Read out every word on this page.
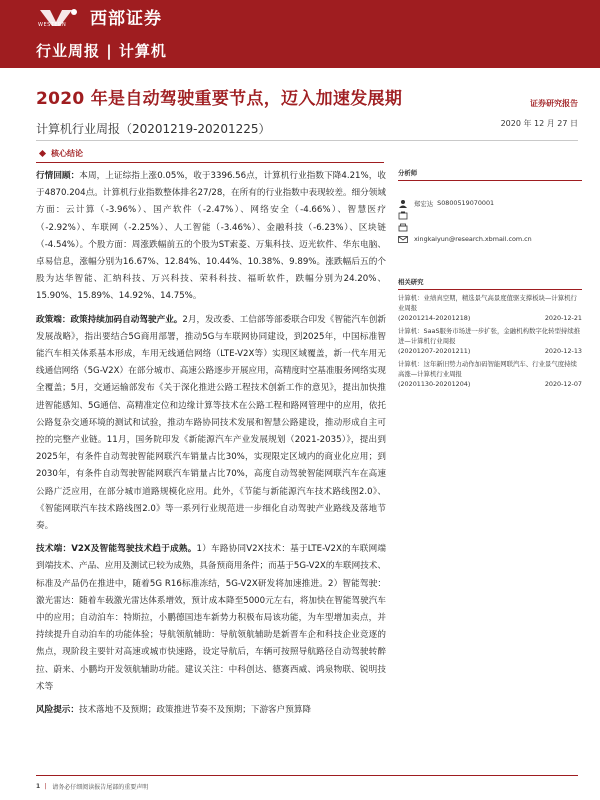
WESTERN 西部证券
行业周报 | 计算机
2020 年是自动驾驶重要节点，迈入加速发展期	证券研究报告
2020 年 12 月 27 日
计算机行业周报（20201219-20201225）
核心结论

行情回顾：本周，上证综指上涨0.05%，收于3396.56点，计算机行业指数下降4.21%，收于4870.204点。计算机行业指数整体排名27/28，在所有的行业指数中表现较差。细分领域方面：云计算（-3.96%）、国产软件（-2.47%）、网络安全（-4.66%）、智慧医疗（-2.92%）、车联网（-2.25%）、人工智能（-3.46%）、金融科技（-6.23%）、区块链（-4.54%）。个股方面：周涨跌幅前五的个股为ST索菱、万集科技、迈光软件、华东电脑、卓易信息，涨幅分别为16.67%、12.84%、10.44%、10.38%、9.89%。涨跌幅后五的个股为达华智能、汇纳科技、万兴科技、荣科科技、福昕软件，跌幅分别为24.20%、15.90%、15.89%、14.92%、14.75%。

政策端：政策持续加码自动驾驶产业。2月，发改委、工信部等部委联合印发《智能汽车创新发展战略》，指出要结合5G商用部署，推动5G与车联网协同建设，到2025年，中国标准智能汽车相关体系基本形成，车用无线通信网络（LTE-V2X等）实现区域覆盖，新一代车用无线通信网络（5G-V2X）在部分城市、高速公路逐步开展应用，高精度时空基准服务网络实现全覆盖；5月，交通运输部发布《关于深化推进公路工程技术创新工作的意见》，提出加快推进智能感知、5G通信、高精准定位和边缘计算等技术在公路工程和路网管理中的应用，依托公路复杂交通环境的测试和试验，推动车路协同技术发展和智慧公路建设，推动形成自主可控的完整产业链。11月，国务院印发《新能源汽车产业发展规划（2021-2035）》，提出到2025年，有条件自动驾驶智能网联汽车销量占比30%，实现限定区域内的商业化应用；到2030年，有条件自动驾驶智能网联汽车销量占比70%，高度自动驾驶智能网联汽车在高速公路广泛应用，在部分城市道路规模化应用。此外，《节能与新能源汽车技术路线图2.0》、《智能网联汽车技术路线图2.0》等一系列行业规范进一步细化自动驾驶产业路线及落地节奏。

技术端：V2X及智能驾驶技术趋于成熟。1）车路协同V2X技术：基于LTE-V2X的车联网端到端技术、产品、应用及测试已较为成熟，具备预商用条件；而基于5G-V2X的车联网技术、标准及产品仍在推进中，随着5G R16标准冻结，5G-V2X研发将加速推进。2）智能驾驶：激光雷达：随着车载激光雷达体系增效，预计成本降至5000元左右，将加快在智能驾驶汽车中的应用；自动泊车：特斯拉，小鹏德国违车新势力积极布局该功能，为车型增加卖点，并持续提升自动泊车的功能体验；导航领航辅助：导航领航辅助是新晋车企和科技企业竞逐的焦点，现阶段主要针对高速或城市快速路，设定导航后，车辆可按照导航路径自动驾驶转醉拉、蔚来、小鹏均开发领航辅助功能。建议关注：中科创达、德赛西威、鸿泉物联、锐明技术等

风险提示：技术落地不及预期；政策推进节奏不及预期；下游客户预算降

分析师
郑宏达 S0800519070001
xingkaiyun@research.xbmail.com.cn
相关研究
计算机：业绩真空期，精选景气高景度值驱支撑板块—计算机行业周报
(20201214-20201218)	2020-12-21
计算机：SaaS服务市场进一步扩张，金融机构数字化转型持续推进—计算机行业周报
(20201207-20201211)	2020-12-13
计算机：这年新旧势力动作加码智能网联汽车、行业景气度持续高涨—计算机行业周报
(20201130-20201204)	2020-12-07
1 | 请务必仔细阅读报告尾部的重要声明
